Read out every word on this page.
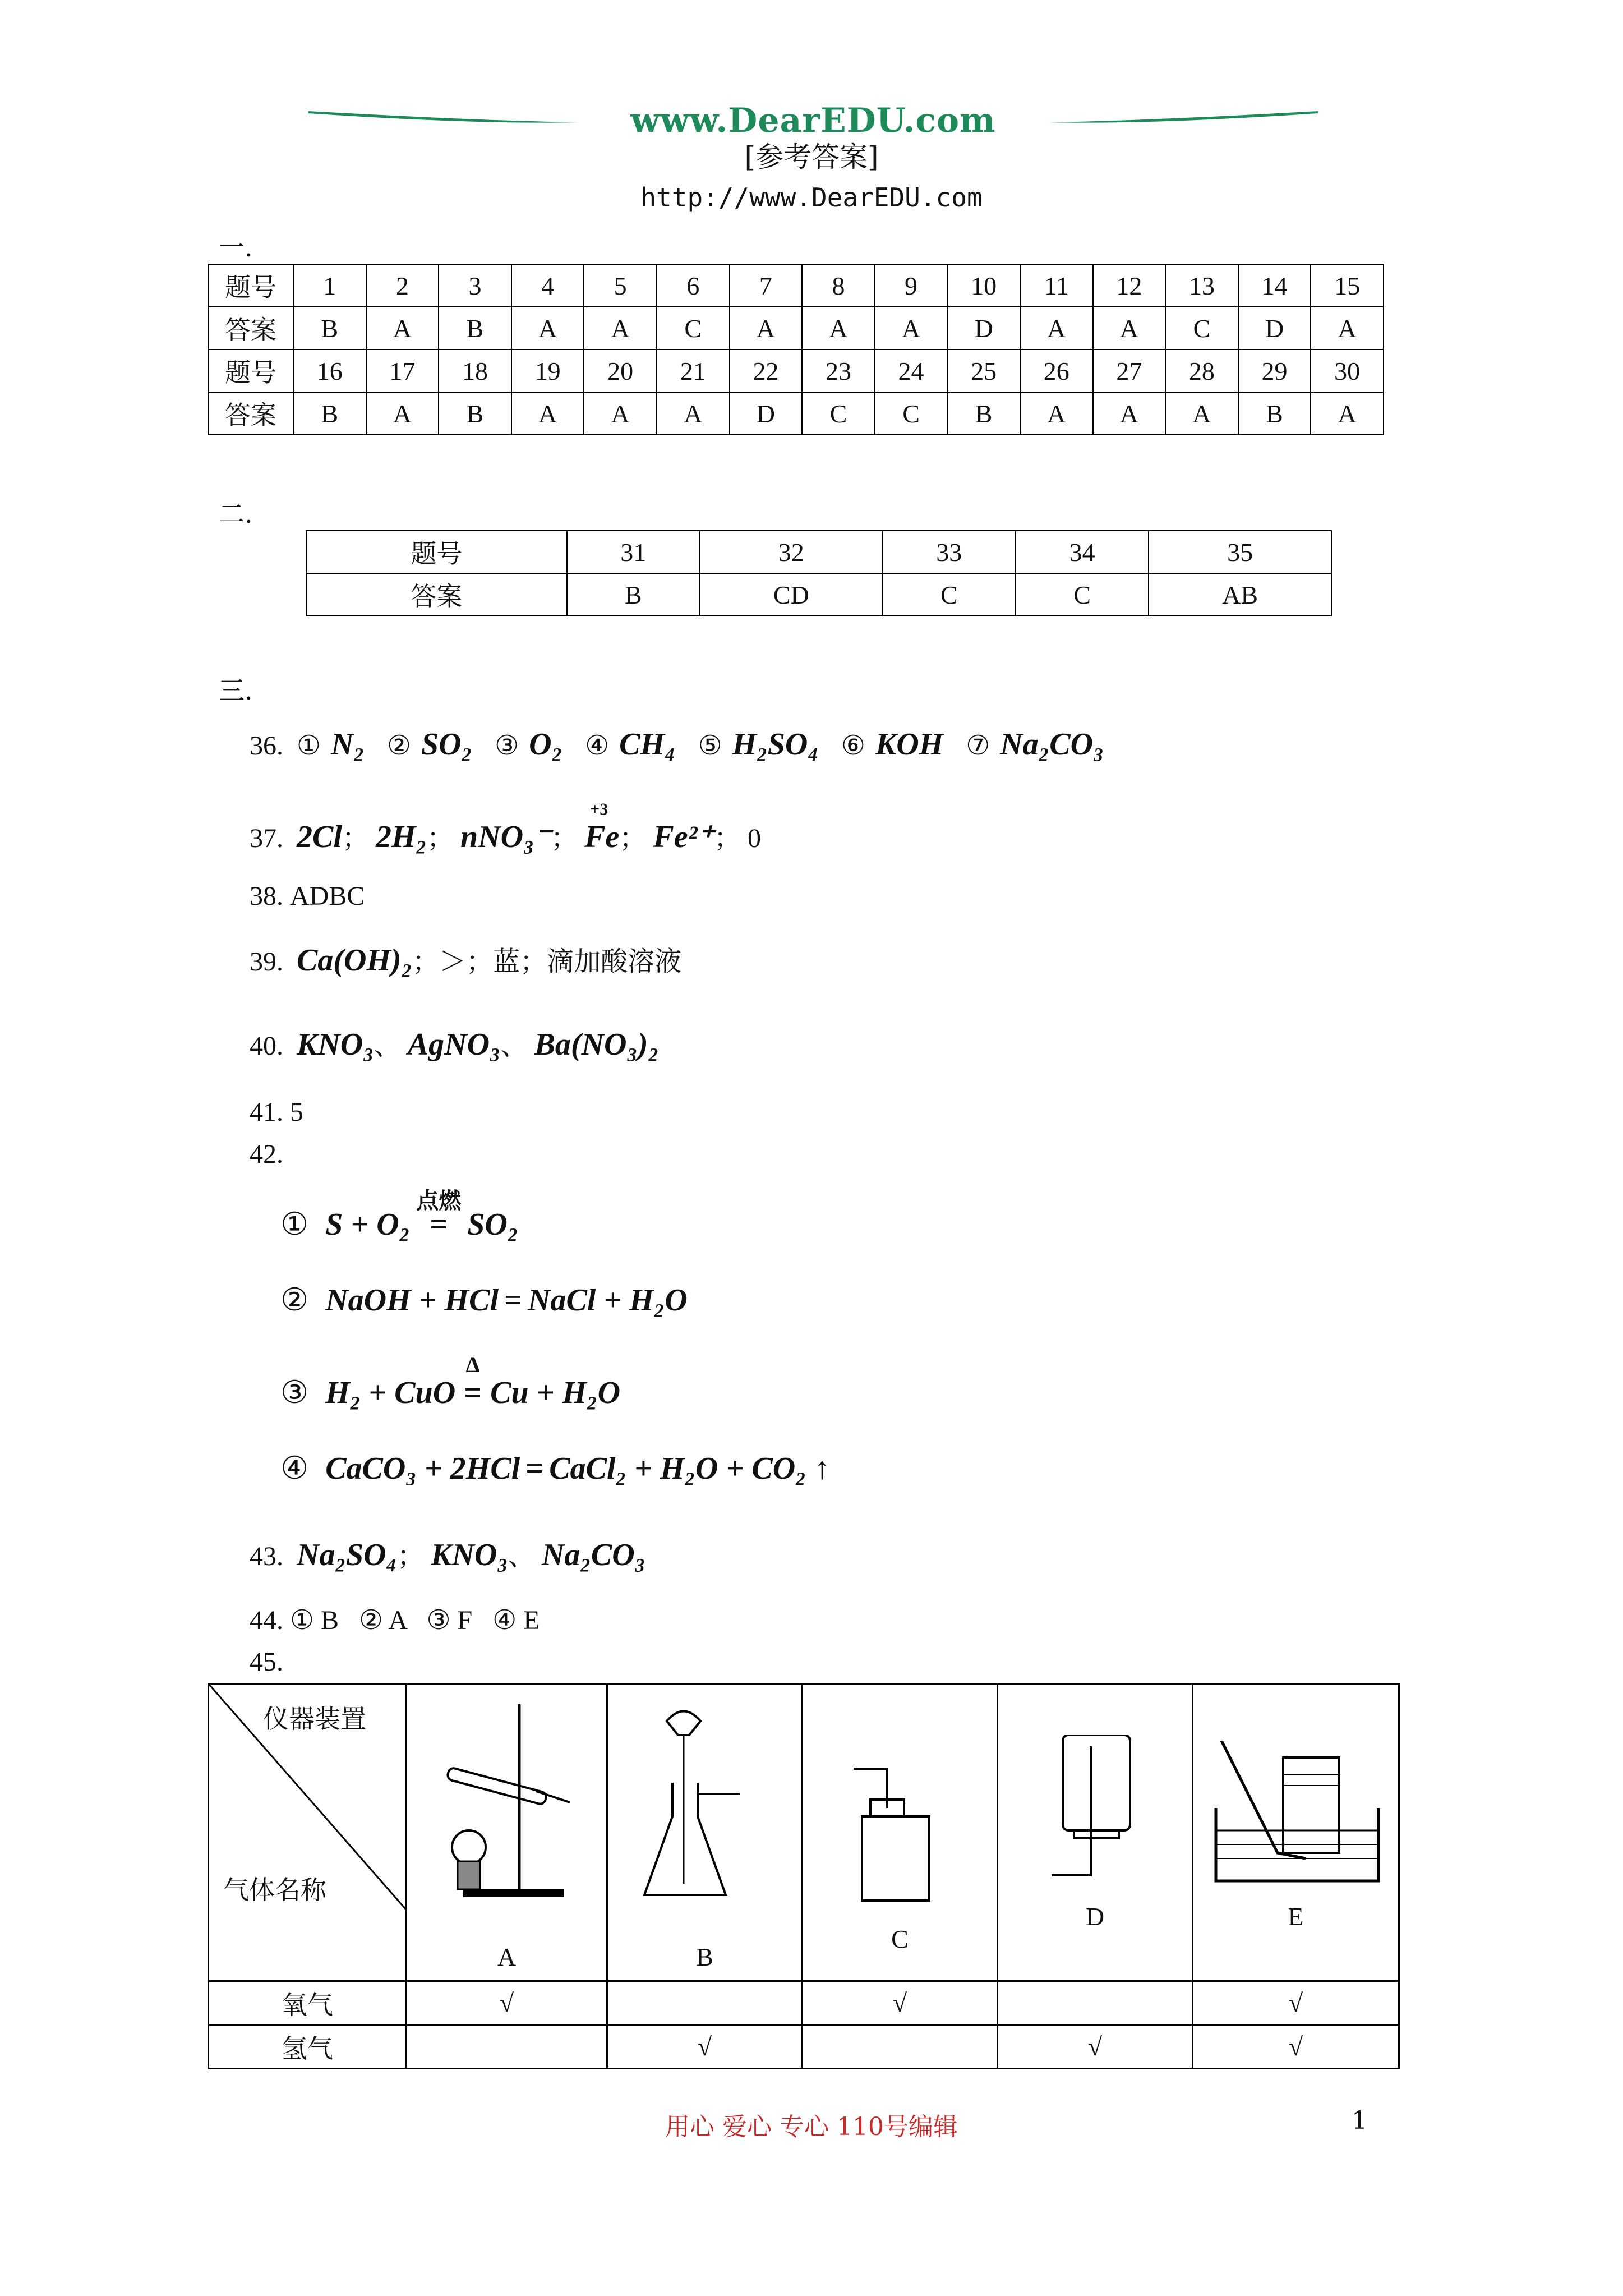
www.DearEDU.com
[参考答案]
http://www.DearEDU.com
一.
题号	1	2	3	4	5	6	7	8	9	10	11	12	13	14	15
答案	B	A	B	A	A	C	A	A	A	D	A	A	C	D	A
题号	16	17	18	19	20	21	22	23	24	25	26	27	28	29	30
答案	B	A	B	A	A	A	D	C	C	B	A	A	A	B	A
二.
题号	31	32	33	34	35
答案	B	CD	C	C	AB
三.
36. ① N₂ ② SO₂ ③ O₂ ④ CH₄ ⑤ H₂SO₄ ⑥ KOH ⑦ Na₂CO₃
37. 2Cl； 2H₂； nNO₃⁻；
+3
Fe； Fe²⁺； 0
38. ADBC
39. Ca(OH)₂；＞；蓝；滴加酸溶液
40. KNO₃、 AgNO₃、 Ba(NO₃)₂
41. 5
42.
① S + O₂
点燃
= SO₂
② NaOH + HCl = NaCl + H₂O
③ H₂ + CuO
Δ
= Cu + H₂O
④ CaCO₃ + 2HCl = CaCl₂ + H₂O + CO₂ ↑
43. Na₂SO₄； KNO₃、 Na₂CO₃
44. ① B   ② A   ③ F   ④ E
45.
仪器装置
气体名称	A	B	C	D	E

氧气	√		√		√
氢气		√		√	√
用心 爱心 专心 110号编辑	1
